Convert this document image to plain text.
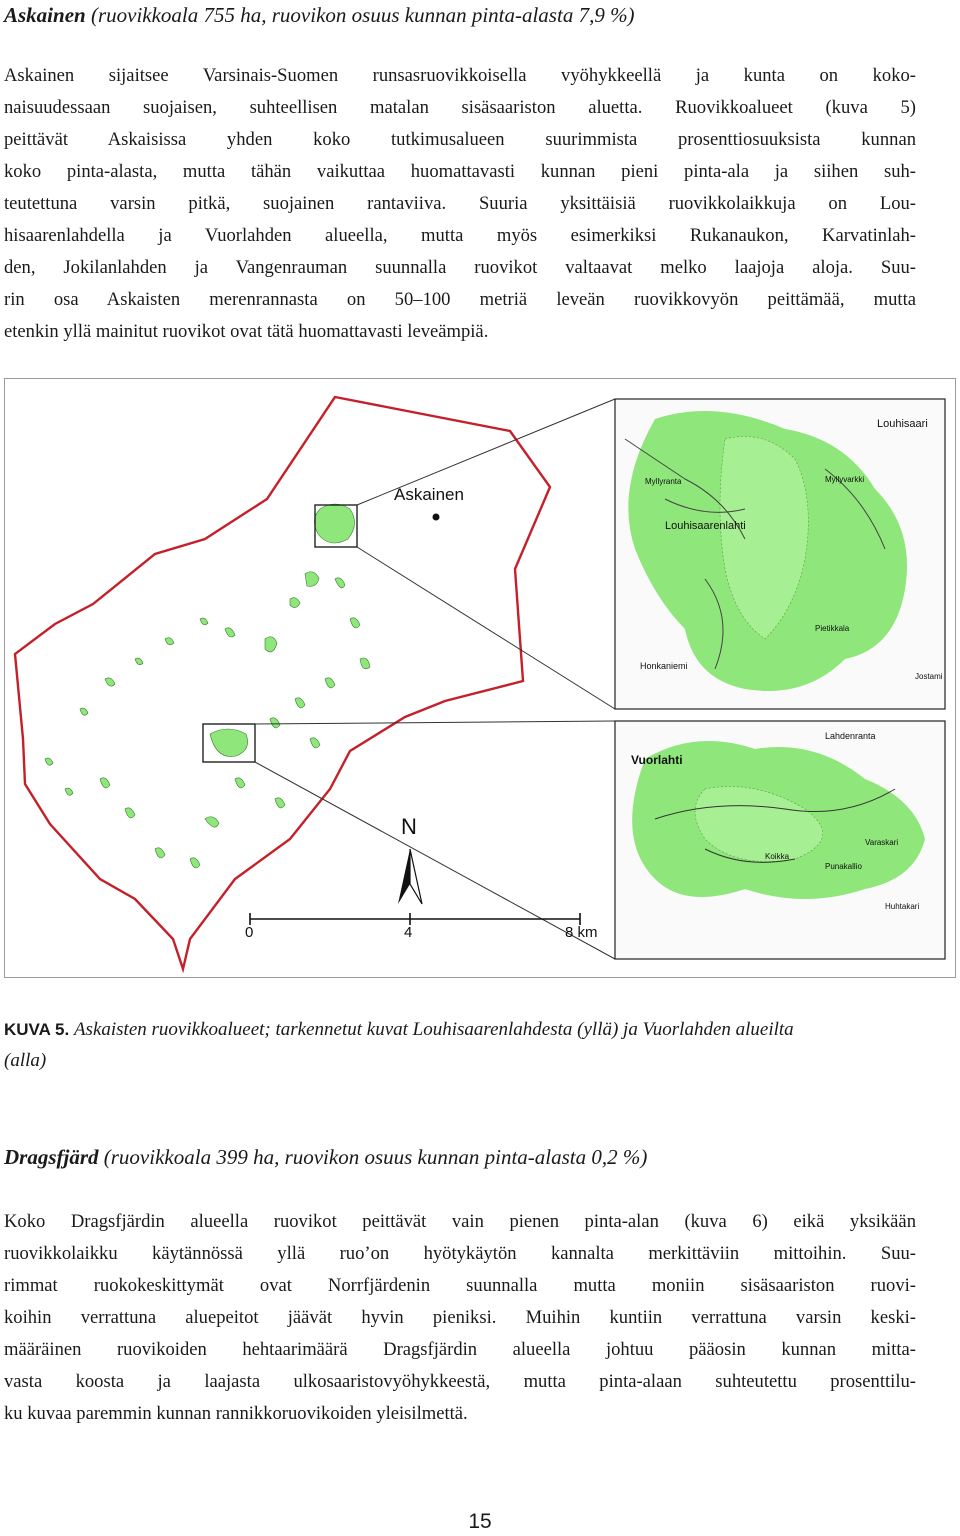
Askainen (ruovikkoala 755 ha, ruovikon osuus kunnan pinta-alasta 7,9 %)
Askainen sijaitsee Varsinais-Suomen runsasruovikkoisella vyöhykkeellä ja kunta on koko-
naisuudessaan suojaisen, suhteellisen matalan sisäsaariston aluetta. Ruovikkoalueet (kuva 5)
peittävät Askaisissa yhden koko tutkimusalueen suurimmista prosenttiosuuksista kunnan
koko pinta-alasta, mutta tähän vaikuttaa huomattavasti kunnan pieni pinta-ala ja siihen suh-
teutettuna varsin pitkä, suojainen rantaviiva. Suuria yksittäisiä ruovikkolaikkuja on Lou-
hisaarenlahdella ja Vuorlahden alueella, mutta myös esimerkiksi Rukanaukon, Karvatinlah-
den, Jokilanlahden ja Vangenrauman suunnalla ruovikot valtaavat melko laajoja aloja. Suu-
rin osa Askaisten merenrannasta on 50–100 metriä leveän ruovikkovyön peittämää, mutta
etenkin yllä mainitut ruovikot ovat tätä huomattavasti leveämpiä.
Askainen
N
0	4	8 km
Louhisaari
Myllyranta	Myllyvarkki
Louhisaarenlahti
Pietikkala
Honkaniemi
Jostami
Lahdenranta
Vuorlahti
Koikka
Varaskari
Punakallio
Huhtakari

KUVA 5. Askaisten ruovikkoalueet; tarkennetut kuvat Louhisaarenlahdesta (yllä) ja Vuorlahden alueilta
(alla)

Dragsfjärd (ruovikkoala 399 ha, ruovikon osuus kunnan pinta-alasta 0,2 %)
Koko Dragsfjärdin alueella ruovikot peittävät vain pienen pinta-alan (kuva 6) eikä yksikään
ruovikkolaikku käytännössä yllä ruo’on hyötykäytön kannalta merkittäviin mittoihin. Suu-
rimmat ruokokeskittymät ovat Norrfjärdenin suunnalla mutta moniin sisäsaariston ruovi-
koihin verrattuna aluepeitot jäävät hyvin pieniksi. Muihin kuntiin verrattuna varsin keski-
määräinen ruovikoiden hehtaarimäärä Dragsfjärdin alueella johtuu pääosin kunnan mitta-
vasta koosta ja laajasta ulkosaaristovyöhykkeestä, mutta pinta-alaan suhteutettu prosenttilu-
ku kuvaa paremmin kunnan rannikkoruovikoiden yleisilmettä.
15
